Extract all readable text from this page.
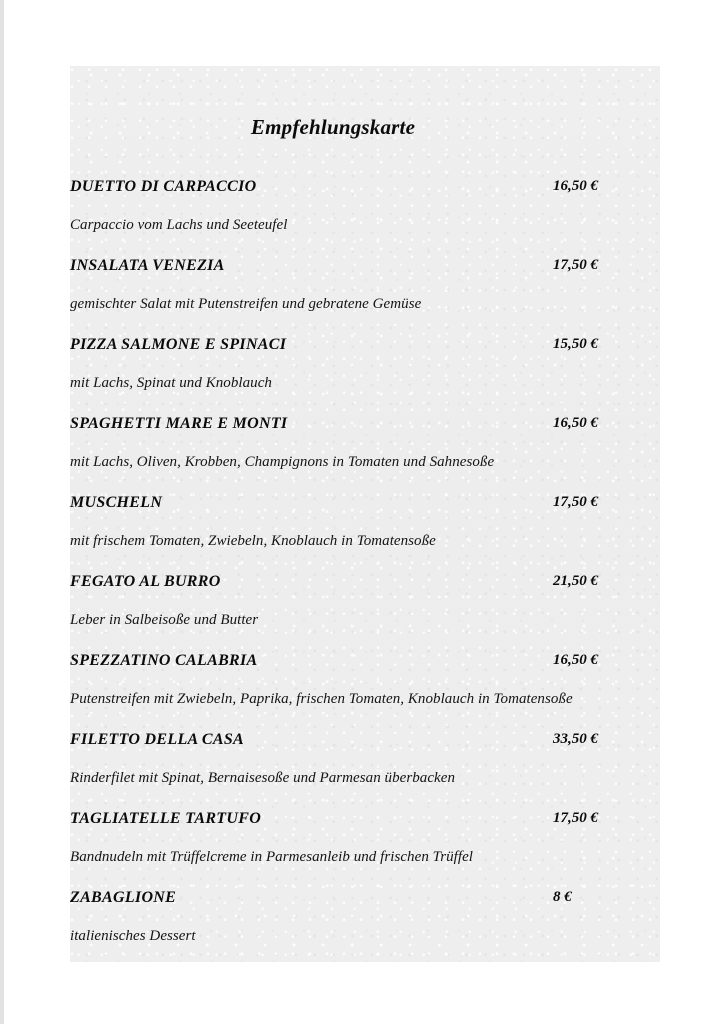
Empfehlungskarte
DUETTO DI CARPACCIO	16,50 €
Carpaccio vom Lachs und Seeteufel
INSALATA VENEZIA	17,50 €
gemischter Salat mit Putenstreifen und gebratene Gemüse
PIZZA SALMONE E SPINACI	15,50 €
mit Lachs, Spinat und Knoblauch
SPAGHETTI MARE E MONTI	16,50 €
mit Lachs, Oliven, Krobben, Champignons in Tomaten und Sahnesoße
MUSCHELN	17,50 €
mit frischem Tomaten, Zwiebeln, Knoblauch in Tomatensoße
FEGATO AL BURRO	21,50 €
Leber in Salbeisoße und Butter
SPEZZATINO CALABRIA	16,50 €
Putenstreifen mit Zwiebeln, Paprika, frischen Tomaten, Knoblauch in Tomatensoße
FILETTO DELLA CASA	33,50 €
Rinderfilet mit Spinat, Bernaisesoße und Parmesan überbacken
TAGLIATELLE TARTUFO	17,50 €
Bandnudeln mit Trüffelcreme in Parmesanleib und frischen Trüffel
ZABAGLIONE	8 €
italienisches Dessert
